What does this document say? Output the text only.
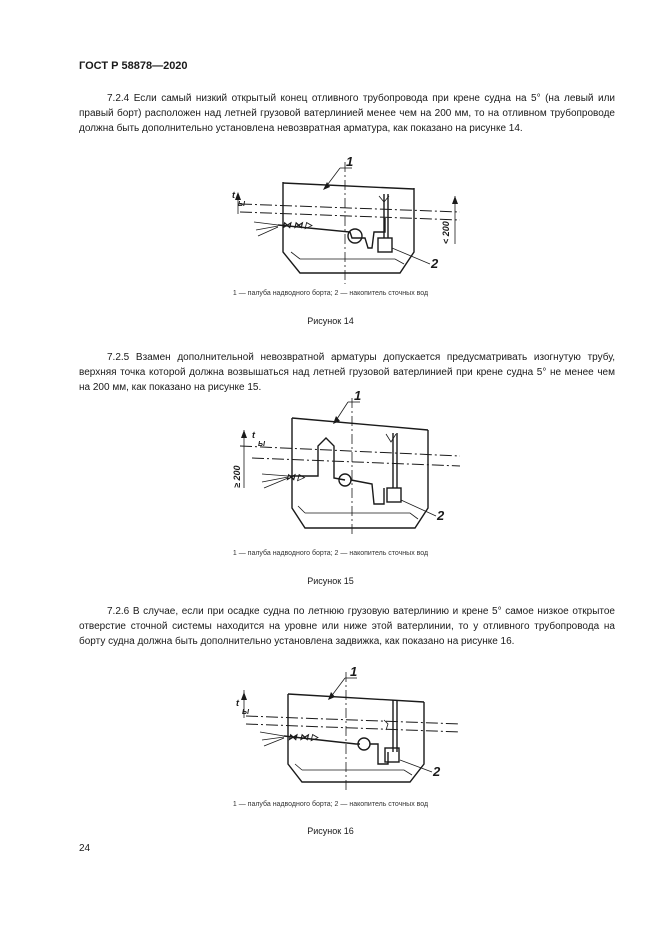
ГОСТ Р 58878—2020
7.2.4 Если самый низкий открытый конец отливного трубопровода при крене судна на 5° (на левый или правый борт) расположен над летней грузовой ватерлинией менее чем на 200 мм, то на отливном трубопроводе должна быть дополнительно установлена невозвратная арматура, как показано на рисунке 14.
t
Ы
< 200
⋈ ⋈ ▷
1
2
1 — палуба надводного борта; 2 — накопитель сточных вод
Рисунок 14
7.2.5 Взамен дополнительной невозвратной арматуры допускается предусматривать изогнутую трубу, верхняя точка которой должна возвышаться над летней грузовой ватерлинией при крене судна 5° не менее чем на 200 мм, как показано на рисунке 15.
t
Ы
≥ 200	⋈ ▷
1
2
1 — палуба надводного борта; 2 — накопитель сточных вод
Рисунок 15
7.2.6 В случае, если при осадке судна по летнюю грузовую ватерлинию и крене 5° самое низкое открытое отверстие сточной системы находится на уровне или ниже этой ватерлинии, то у отливного трубопровода на борту судна должна быть дополнительно установлена задвижка, как показано на рисунке 16.
t
Ы
⋈ ⋈ ▷
1
2
1 — палуба надводного борта; 2 — накопитель сточных вод
Рисунок 16
24
